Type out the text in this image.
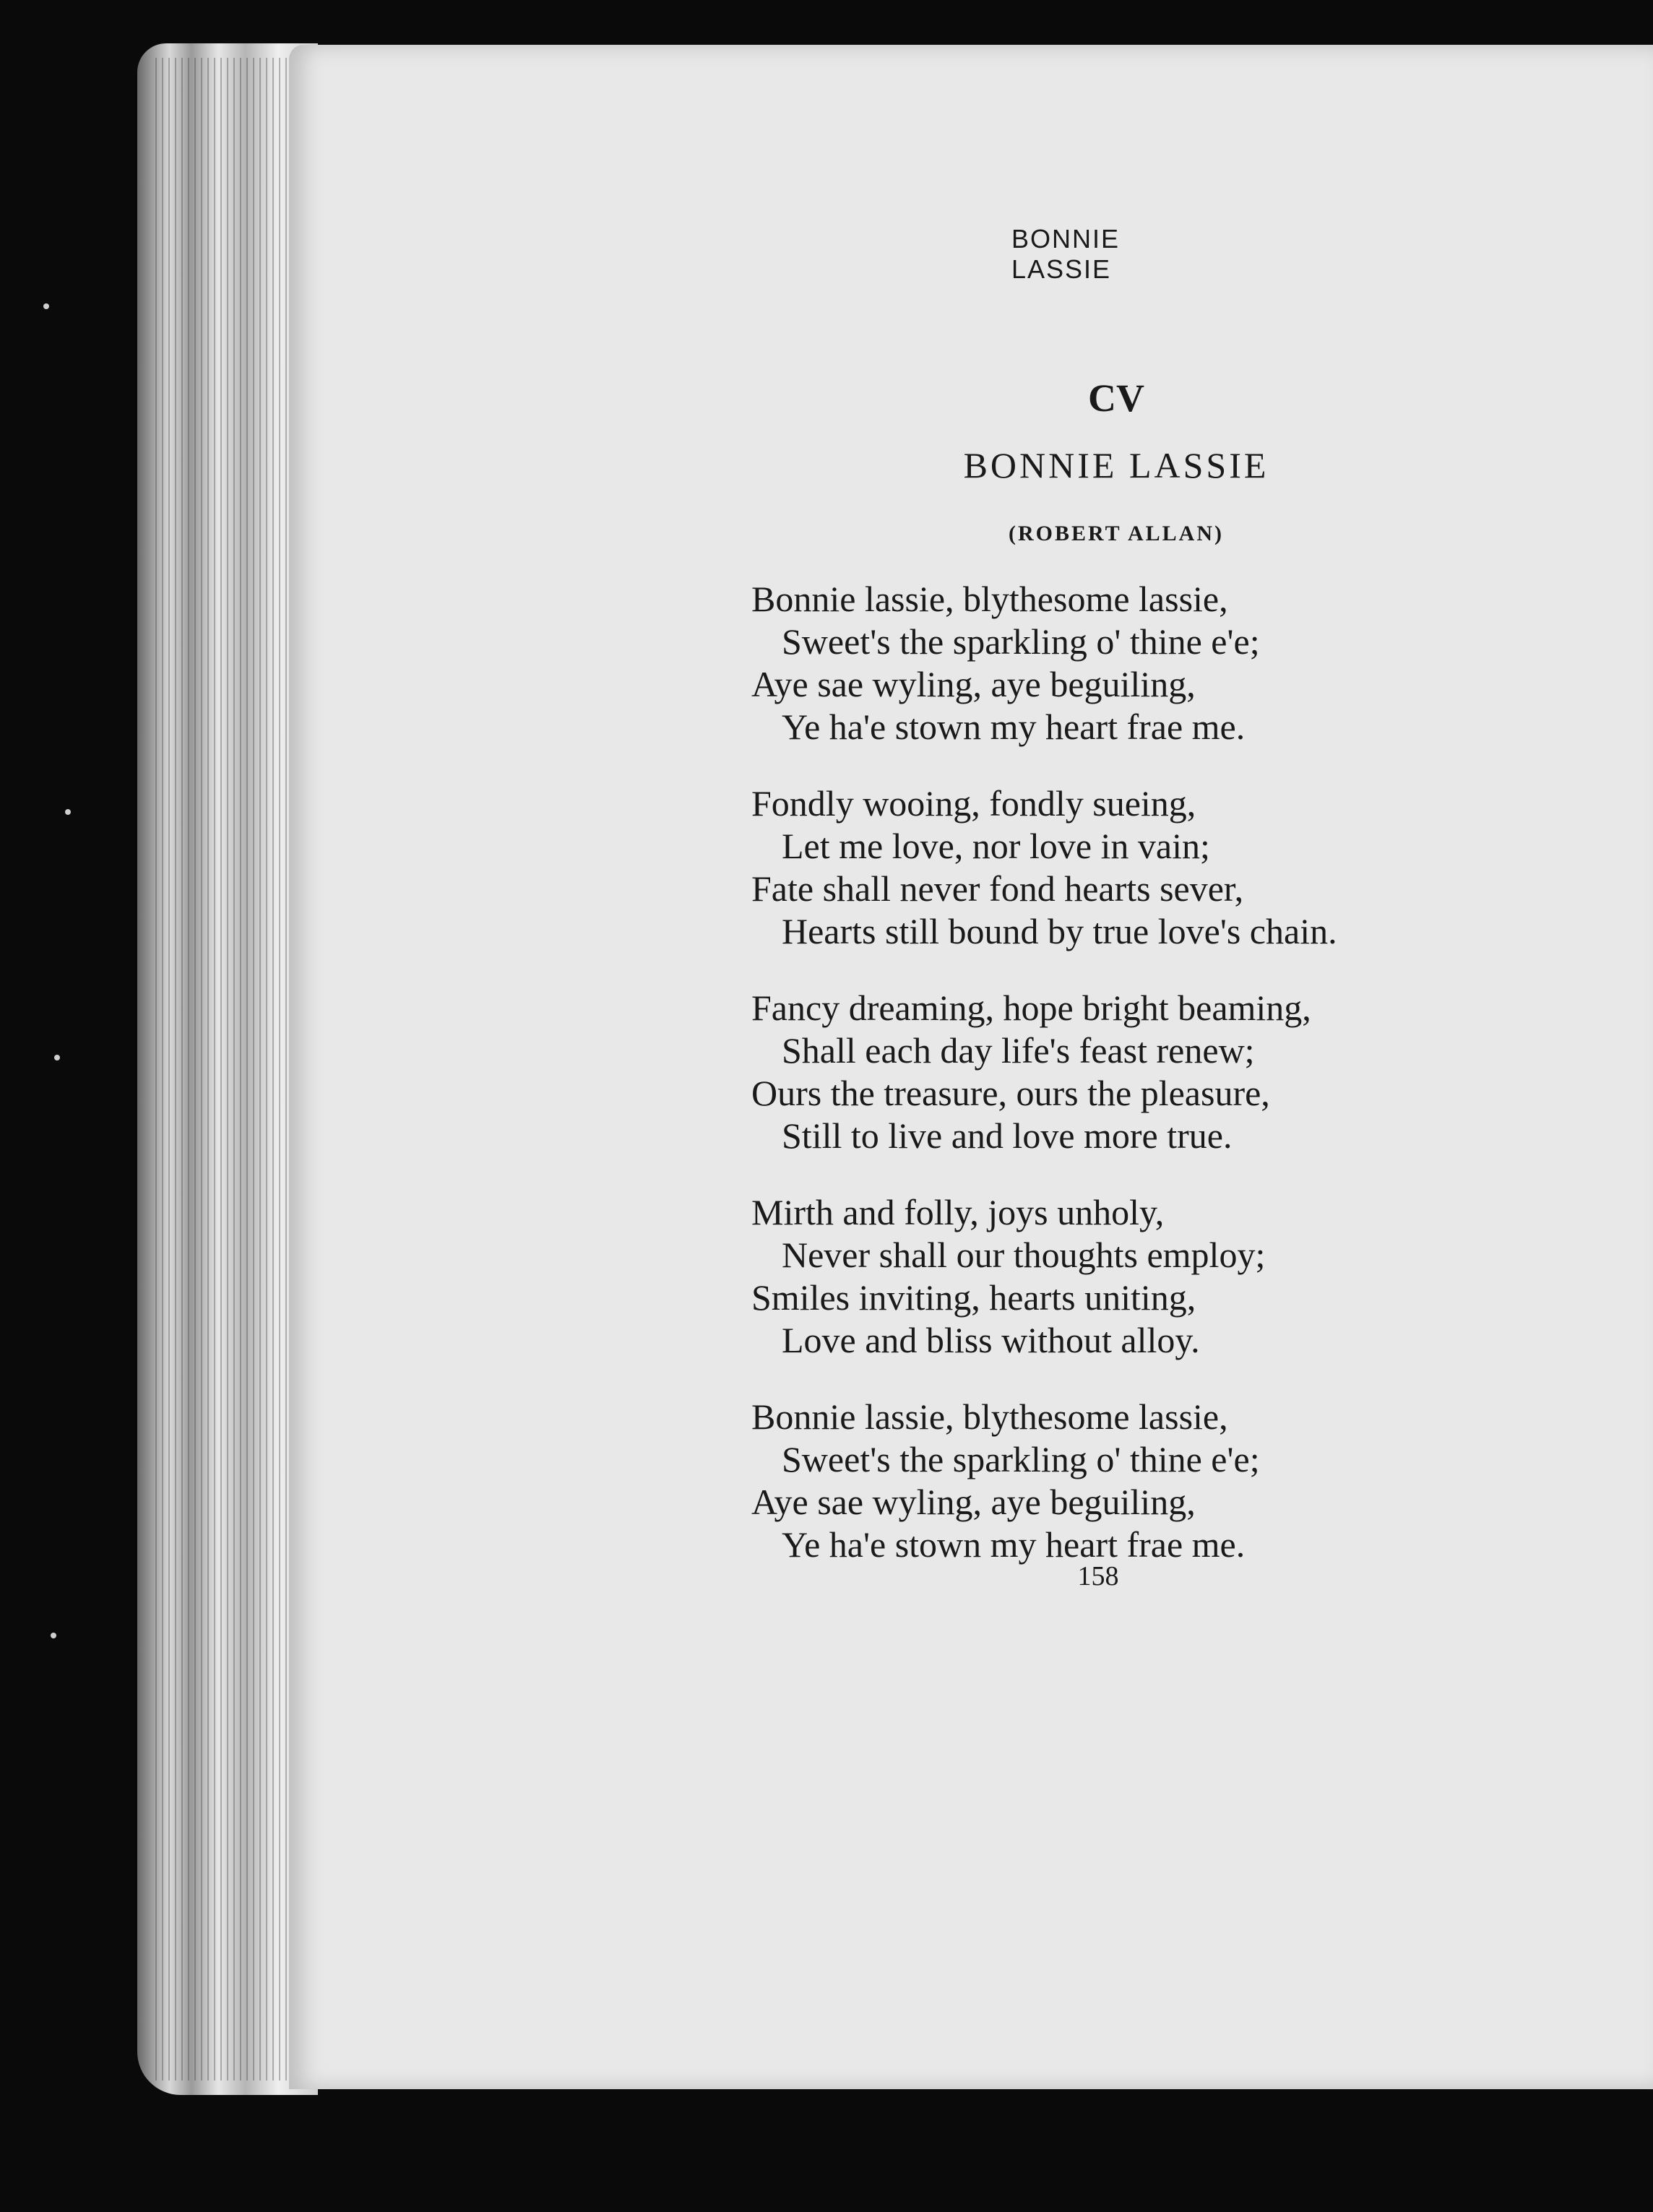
BONNIE LASSIE
CV
BONNIE LASSIE
(ROBERT ALLAN)
Bonnie lassie, blythesome lassie,
Sweet's the sparkling o' thine e'e;
Aye sae wyling, aye beguiling,
Ye ha'e stown my heart frae me.
Fondly wooing, fondly sueing,
Let me love, nor love in vain;
Fate shall never fond hearts sever,
Hearts still bound by true love's chain.
Fancy dreaming, hope bright beaming,
Shall each day life's feast renew;
Ours the treasure, ours the pleasure,
Still to live and love more true.
Mirth and folly, joys unholy,
Never shall our thoughts employ;
Smiles inviting, hearts uniting,
Love and bliss without alloy.
Bonnie lassie, blythesome lassie,
Sweet's the sparkling o' thine e'e;
Aye sae wyling, aye beguiling,
Ye ha'e stown my heart frae me.
158
